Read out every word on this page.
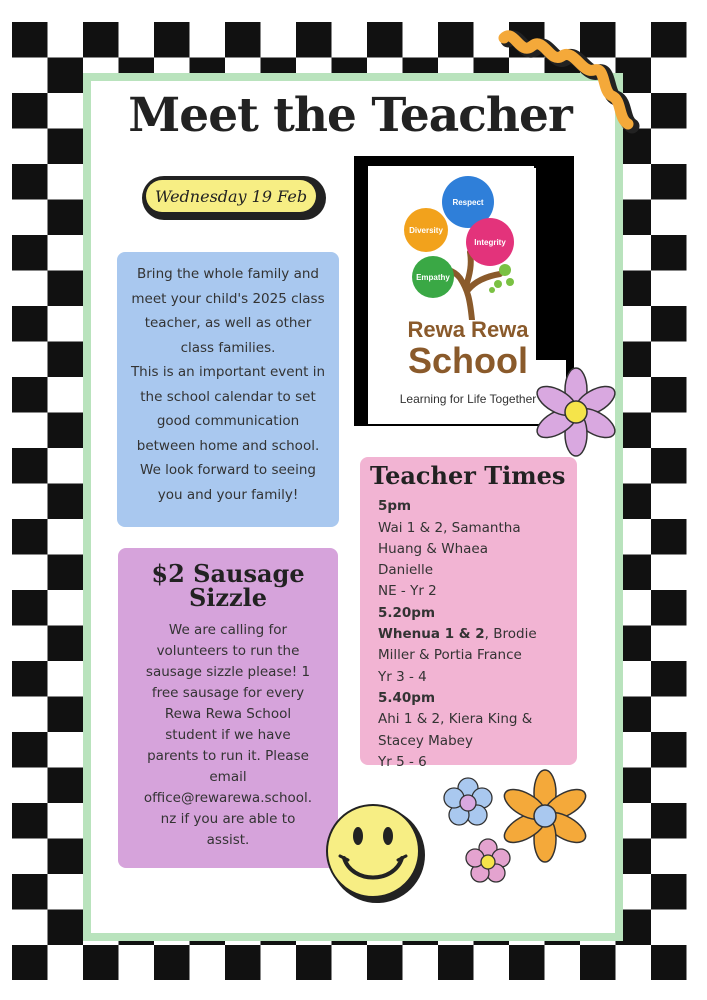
Meet the Teacher
Wednesday 19 Feb
Bring the whole family and
meet your child's 2025 class
teacher, as well as other
class families.
This is an important event in
the school calendar to set
good communication
between home and school.
We look forward to seeing
you and your family!
$2 Sausage
Sizzle
We are calling for
volunteers to run the
sausage sizzle please! 1
free sausage for every
Rewa Rewa School
student if we have
parents to run it. Please
email
office@rewarewa.school.
nz if you are able to
assist.
Respect
Diversity
Integrity
Empathy
Rewa Rewa
School
Learning for Life Together
Teacher Times
5pm
Wai 1 & 2, Samantha
Huang & Whaea
Danielle
NE - Yr 2
5.20pm
Whenua 1 & 2, Brodie
Miller & Portia France
Yr 3 - 4
5.40pm
Ahi 1 & 2, Kiera King &
Stacey Mabey
Yr 5 - 6
